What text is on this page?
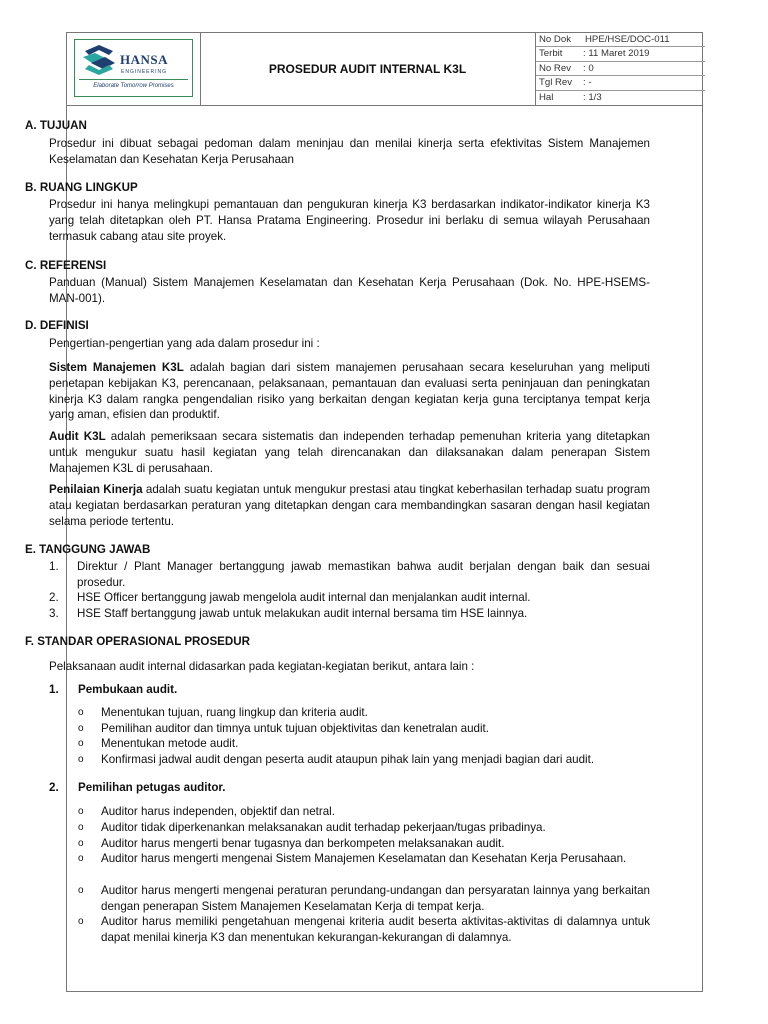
HANSA
ENGINEERING
Elaborate Tomorrow Promises
PROSEDUR AUDIT INTERNAL K3L
No Dok HPE/HSE/DOC-011
Terbit : 11 Maret 2019
No Rev : 0
Tgl Rev : -
Hal	: 1/3
A. TUJUAN
Prosedur ini dibuat sebagai pedoman dalam meninjau dan menilai kinerja serta efektivitas Sistem Manajemen Keselamatan dan Kesehatan Kerja Perusahaan
B. RUANG LINGKUP
Prosedur ini hanya melingkupi pemantauan dan pengukuran kinerja K3 berdasarkan indikator-indikator kinerja K3 yang telah ditetapkan oleh PT. Hansa Pratama Engineering. Prosedur ini berlaku di semua wilayah Perusahaan termasuk cabang atau site proyek.
C. REFERENSI
Panduan (Manual) Sistem Manajemen Keselamatan dan Kesehatan Kerja Perusahaan (Dok. No. HPE-HSEMS-MAN-001).
D. DEFINISI
Pengertian-pengertian yang ada dalam prosedur ini :
Sistem Manajemen K3L adalah bagian dari sistem manajemen perusahaan secara keseluruhan yang meliputi penetapan kebijakan K3, perencanaan, pelaksanaan, pemantauan dan evaluasi serta peninjauan dan peningkatan kinerja K3 dalam rangka pengendalian risiko yang berkaitan dengan kegiatan kerja guna terciptanya tempat kerja yang aman, efisien dan produktif.
Audit K3L adalah pemeriksaan secara sistematis dan independen terhadap pemenuhan kriteria yang ditetapkan untuk mengukur suatu hasil kegiatan yang telah direncanakan dan dilaksanakan dalam penerapan Sistem Manajemen K3L di perusahaan.
Penilaian Kinerja adalah suatu kegiatan untuk mengukur prestasi atau tingkat keberhasilan terhadap suatu program atau kegiatan berdasarkan peraturan yang ditetapkan dengan cara membandingkan sasaran dengan hasil kegiatan selama periode tertentu.
E. TANGGUNG JAWAB
1. Direktur / Plant Manager bertanggung jawab memastikan bahwa audit berjalan dengan baik dan sesuai prosedur.
2. HSE Officer bertanggung jawab mengelola audit internal dan menjalankan audit internal.
3. HSE Staff bertanggung jawab untuk melakukan audit internal bersama tim HSE lainnya.
F. STANDAR OPERASIONAL PROSEDUR
Pelaksanaan audit internal didasarkan pada kegiatan-kegiatan berikut, antara lain :
1. Pembukaan audit.
o Menentukan tujuan, ruang lingkup dan kriteria audit.
o Pemilihan auditor dan timnya untuk tujuan objektivitas dan kenetralan audit.
o Menentukan metode audit.
o Konfirmasi jadwal audit dengan peserta audit ataupun pihak lain yang menjadi bagian dari audit.
2. Pemilihan petugas auditor.
o Auditor harus independen, objektif dan netral.
o Auditor tidak diperkenankan melaksanakan audit terhadap pekerjaan/tugas pribadinya.
o Auditor harus mengerti benar tugasnya dan berkompeten melaksanakan audit.
o Auditor harus mengerti mengenai Sistem Manajemen Keselamatan dan Kesehatan Kerja Perusahaan.
o Auditor harus mengerti mengenai peraturan perundang-undangan dan persyaratan lainnya yang berkaitan dengan penerapan Sistem Manajemen Keselamatan Kerja di tempat kerja.
o Auditor harus memiliki pengetahuan mengenai kriteria audit beserta aktivitas-aktivitas di dalamnya untuk dapat menilai kinerja K3 dan menentukan kekurangan-kekurangan di dalamnya.
